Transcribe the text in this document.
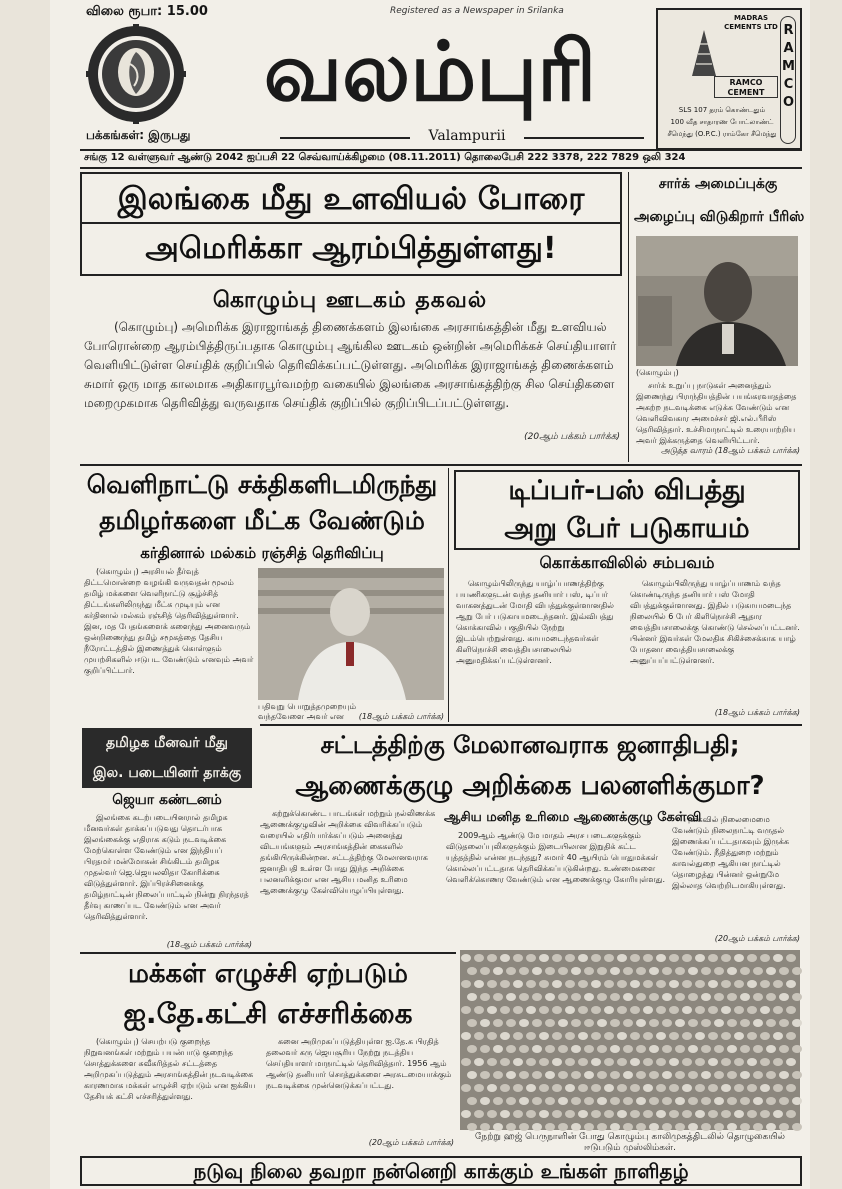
விலை ரூபா: 15.00	Registered as a Newspaper in Srilanka
வலம்புரி
பக்கங்கள்: இருபது	Valampurii
RAMCO
MADRAS CEMENTS LTD
RAMCO CEMENT
SLS 107 தரம் கொண்டதும்
100 வீத சாதாரண போட்லாண்ட்
சீமெந்து (O.P.C.) ராம்கோ சீமெந்து
சங்கு 12 வள்ளுவர் ஆண்டு 2042 ஐப்பசி 22 செவ்வாய்க்கிழமை (08.11.2011) தொலைபேசி 222 3378, 222 7829 ஒலி 324
இலங்கை மீது உளவியல் போரை
அமெரிக்கா ஆரம்பித்துள்ளது!
கொழும்பு ஊடகம் தகவல்
(கொழும்பு) அமெரிக்க இராஜாங்கத் திணைக்களம் இலங்கை அரசாங்கத்தின் மீது உளவியல் போரொன்றை ஆரம்பித்திருப்பதாக கொழும்பு ஆங்கில ஊடகம் ஒன்றின் அமெரிக்கச் செய்தியாளர் வெளியிட்டுள்ள செய்திக் குறிப்பில் தெரிவிக்கப்பட்டுள்ளது. அமெரிக்க இராஜாங்கத் திணைக்களம் சுமார் ஒரு மாத காலமாக அதிகாரபூர்வமற்ற வகையில் இலங்கை அரசாங்கத்திற்கு சில செய்திகளை மறைமுகமாக தெரிவித்து வருவதாக செய்திக் குறிப்பில் குறிப்பிடப்பட்டுள்ளது.
(20ஆம் பக்கம் பார்க்க)
சார்க் அமைப்புக்கு
அழைப்பு விடுகிறார் பீரிஸ்
(கொழும்பு)
சார்க் உறுப்பு நாடுகள் அனைத்தும் இணைந்து பிராந்தியத்தின் பயங்கரவாதத்தை அகற்ற நடவடிக்கை எடுக்க வேண்டும் என வெளிவிவகார அமைச்சர் ஜி.எல்.பீரிஸ் தெரிவித்தார். உச்சிமாநாட்டில் உரையாற்றிய அவர் இக்கருத்தை வெளியிட்டார்.
அடுத்த வாரம் (18ஆம் பக்கம் பார்க்க)
வெளிநாட்டு சக்திகளிடமிருந்து
தமிழர்களை மீட்க வேண்டும்
கர்தினால் மல்கம் ரஞ்சித் தெரிவிப்பு
(கொழும்பு) அரசியல் தீர்வுத் திட்டமொன்றை வழங்கி வருவதன் மூலம் தமிழ் மக்களை வெளிநாட்டு சூழ்ச்சித் திட்டங்களிலிருந்து மீட்க முடியும் என கர்தினால் மல்கம் ரஞ்சித் தெரிவித்துள்ளார். இன, மத பேதங்களைக் களைந்து அனைவரும் ஒன்றிணைந்து தமிழ் சமூகத்தை தேசிய நீரோட்டத்தில் இணைத்துக் கொள்ளும் முயற்சிகளில் ஈடுபட வேண்டும் எனவும் அவர் குறிப்பிட்டார்.
பதிவுறு பொறுத்தமுறையும் வந்தவேளை அவர் என	(18ஆம் பக்கம் பார்க்க)
டிப்பர்-பஸ் விபத்து
அறு பேர் படுகாயம்
கொக்காவிலில் சம்பவம்
கொழும்பிலிருந்து யாழ்ப்பாணத்திற்கு பயணிகளுடன் வந்த தனியார் பஸ், டிப்பர் வாகனத்துடன் மோதி விபத்துக்குள்ளானதில் ஆறு பேர் படுகாயமடைந்தனர். இவ்விபத்து கொக்காவில் பகுதியில் நேற்று இடம்பெற்றுள்ளது. காயமடைந்தவர்கள் கிளிநொச்சி வைத்தியசாலையில் அனுமதிக்கப்பட்டுள்ளனர்.
கொழும்பிலிருந்து யாழ்ப்பாணம் வந்த கொண்டிருந்த தனியார் பஸ் மோதி விபத்துக்குள்ளானது. இதில் படுகாயமடைந்த நிலையில் 6 பேர் கிளிநொச்சி ஆதார வைத்தியசாலைக்கு கொண்டு செல்லப்பட்டனர். பின்னர் இவர்கள் மேலதிக சிகிச்சைக்காக யாழ் போதனா வைத்தியசாலைக்கு அனுப்பப்பட்டுள்ளனர்.
(18ஆம் பக்கம் பார்க்க)
தமிழக மீனவர் மீது
இல. படையினர் தாக்கு
ஜெயா கண்டனம்
இலங்கை கடற்படையினரால் தமிழக மீனவர்கள் தாக்கப்படுவது தொடர்பாக இலங்கைக்கு எதிராக கடும் நடவடிக்கை மேற்கொள்ள வேண்டும் என இந்தியப் பிரதமர் மன்மோகன் சிங்கிடம் தமிழக முதல்வர் ஜெ.ஜெயலலிதா கோரிக்கை விடுத்துள்ளார். இப்பிரச்சினைக்கு தமிழ்நாட்டின் நிலைப்பாட்டில் நின்று நிரந்தரத் தீர்வு காணப்பட வேண்டும் என அவர் தெரிவித்துள்ளார்.
(18ஆம் பக்கம் பார்க்க)
சட்டத்திற்கு மேலானவராக ஜனாதிபதி;
ஆணைக்குழு அறிக்கை பலனளிக்குமா?
கற்றுக்கொண்ட பாடங்கள் மற்றும் நல்லிணக்க ஆணைக்குழுவின் அறிக்கை விவரிக்கப்படும் வரையில் எதிர்பார்க்கப்படும் அனைத்து விடயங்களும் அரசாங்கத்தின் கைகளில் தங்கியிருக்கின்றன. சட்டத்திற்கு மேலானவராக ஜனாதிபதி உள்ள போது இந்த அறிக்கை பலனளிக்குமா என ஆசிய மனித உரிமை ஆணைக்குழு கேள்வியெழுப்பியுள்ளது.
ஆசிய மனித உரிமை ஆணைக்குழு கேள்வி
2009ஆம் ஆண்டு மே மாதம் அரச படைகளுக்கும் விடுதலைப்புலிகளுக்கும் இடையிலான இறுதிக் கட்ட யுத்தத்தில் என்ன நடந்தது? சுமார் 40 ஆயிரம் பொதுமக்கள் கொல்லப்பட்டதாக தெரிவிக்கப்படுகின்றது. உண்மைகளை வெளிக்கொணர வேண்டும் என ஆணைக்குழு கோரியுள்ளது.
புகைவில் நிலைமைமை வேண்டும் நிலைநாட்டி வருதல் இணைக்கப்பட்டதாகவும் இருக்க வேண்டும். நீதித்துறை மற்றும் காவல்துறை ஆகியன நாட்டில் தொழைத்து பின்னர் ஒன்றுமே இல்லாத வெற்றிடமாகியுள்ளது.
(20ஆம் பக்கம் பார்க்க)
மக்கள் எழுச்சி ஏற்படும்
ஐ.தே.கட்சி எச்சரிக்கை
(கொழும்பு) செயற்படு குறைந்த நிறுவனங்கள் மற்றும் பயன்பாடு குறைந்த சொத்துக்களை சுவீகரித்தல் சட்டத்தை அறிமுகப்படுத்தும் அரசாங்கத்தின் நடவடிக்கை காரணமாக மக்கள் எழுச்சி ஏற்படும் என ஐக்கிய தேசியக் கட்சி எச்சரித்துள்ளது.
கனை அறிமுகப்படுத்தியுள்ள ஐ.தே.க பிரதித் தலைவர் கரு ஜெயசூரிய நேற்று நடத்திய செய்தியாளர் மாநாட்டில் தெரிவித்தார். 1956 ஆம் ஆண்டு தனியார் சொத்துக்களை அரசுடமையாக்கும் நடவடிக்கை முன்னெடுக்கப்பட்டது.
(20ஆம் பக்கம் பார்க்க)
நேற்று ஹஜ் பெருநாளின் போது கொழும்பு காலிமுகத்திடலில் தொழுகையில் ஈடுபடும் முஸ்லிம்கள்.
நடுவு நிலை தவறா நன்னெறி காக்கும் உங்கள் நாளிதழ்
